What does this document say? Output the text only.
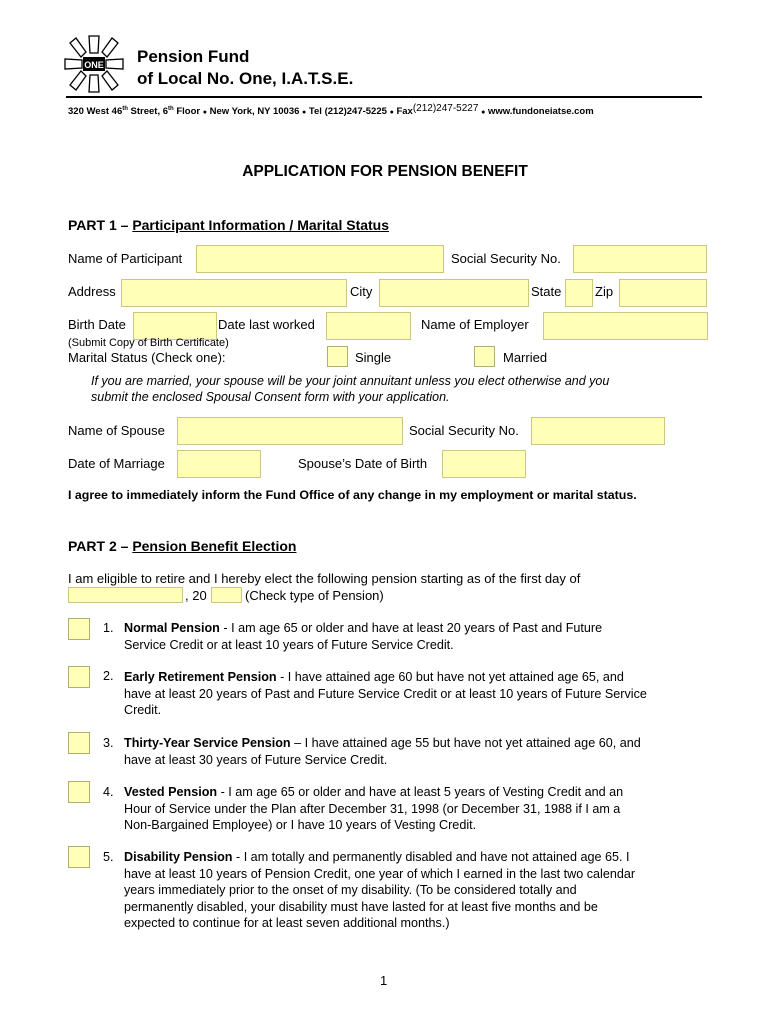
ONE Pension Fund
of Local No. One, I.A.T.S.E.
320 West 46th Street, 6th Floor ● New York, NY 10036 ● Tel (212)247-5225 ● Fax(212)247-5227 ● www.fundoneiatse.com
APPLICATION FOR PENSION BENEFIT
PART 1 – Participant Information / Marital Status
Name of Participant	Social Security No.
Address	City	State	Zip
Birth Date	Date last worked	Name of Employer
(Submit Copy of Birth Certificate)
Marital Status (Check one):	Single	Married
If you are married, your spouse will be your joint annuitant unless you elect otherwise and you
submit the enclosed Spousal Consent form with your application.
Name of Spouse	Social Security No.
Date of Marriage	Spouse’s Date of Birth
I agree to immediately inform the Fund Office of any change in my employment or marital status.
PART 2 – Pension Benefit Election
I am eligible to retire and I hereby elect the following pension starting as of the first day of
, 20	(Check type of Pension)
1. Normal Pension - I am age 65 or older and have at least 20 years of Past and Future
Service Credit or at least 10 years of Future Service Credit.
2. Early Retirement Pension - I have attained age 60 but have not yet attained age 65, and
have at least 20 years of Past and Future Service Credit or at least 10 years of Future Service
Credit.
3. Thirty-Year Service Pension – I have attained age 55 but have not yet attained age 60, and
have at least 30 years of Future Service Credit.
4. Vested Pension - I am age 65 or older and have at least 5 years of Vesting Credit and an
Hour of Service under the Plan after December 31, 1998 (or December 31, 1988 if I am a
Non-Bargained Employee) or I have 10 years of Vesting Credit.
5. Disability Pension - I am totally and permanently disabled and have not attained age 65. I
have at least 10 years of Pension Credit, one year of which I earned in the last two calendar
years immediately prior to the onset of my disability. (To be considered totally and
permanently disabled, your disability must have lasted for at least five months and be
expected to continue for at least seven additional months.)
1
